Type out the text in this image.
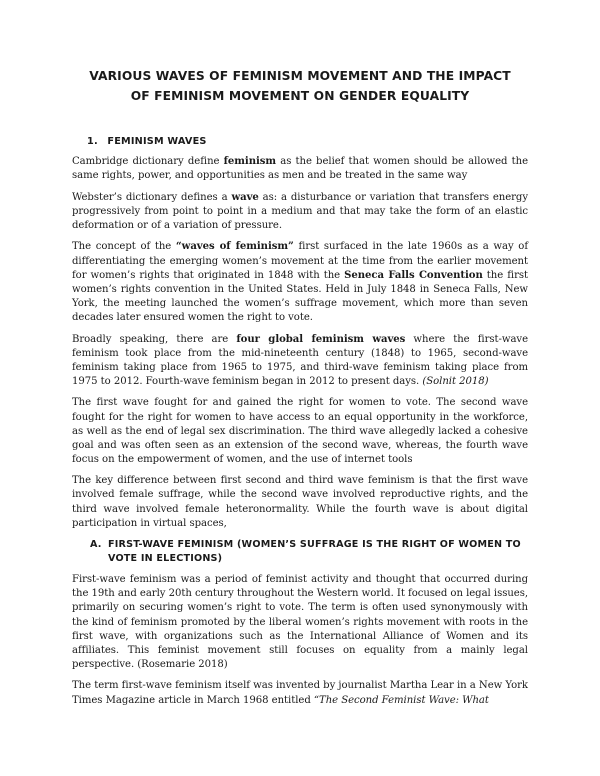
VARIOUS WAVES OF FEMINISM MOVEMENT AND THE IMPACT
OF FEMINISM MOVEMENT ON GENDER EQUALITY
1. FEMINISM WAVES

Cambridge dictionary define feminism as the belief that women should be allowed the same rights, power, and opportunities as men and be treated in the same way

Webster’s dictionary defines a wave as: a disturbance or variation that transfers energy progressively from point to point in a medium and that may take the form of an elastic deformation or of a variation of pressure.

The concept of the “waves of feminism” first surfaced in the late 1960s as a way of differentiating the emerging women’s movement at the time from the earlier movement for women’s rights that originated in 1848 with the Seneca Falls Convention the first women’s rights convention in the United States. Held in July 1848 in Seneca Falls, New York, the meeting launched the women’s suffrage movement, which more than seven decades later ensured women the right to vote.

Broadly speaking, there are four global feminism waves where the first-wave feminism took place from the mid-nineteenth century (1848) to 1965, second-wave feminism taking place from 1965 to 1975, and third-wave feminism taking place from 1975 to 2012. Fourth-wave feminism began in 2012 to present days. (Solnit 2018)

The first wave fought for and gained the right for women to vote. The second wave fought for the right for women to have access to an equal opportunity in the workforce, as well as the end of legal sex discrimination. The third wave allegedly lacked a cohesive goal and was often seen as an extension of the second wave, whereas, the fourth wave focus on the empowerment of women, and the use of internet tools

The key difference between first second and third wave feminism is that the first wave involved female suffrage, while the second wave involved reproductive rights, and the third wave involved female heteronormality. While the fourth wave is about digital participation in virtual spaces,

A. FIRST-WAVE FEMINISM (WOMEN’S SUFFRAGE IS THE RIGHT OF WOMEN TO VOTE IN ELECTIONS)

First-wave feminism was a period of feminist activity and thought that occurred during the 19th and early 20th century throughout the Western world. It focused on legal issues, primarily on securing women’s right to vote. The term is often used synonymously with the kind of feminism promoted by the liberal women’s rights movement with roots in the first wave, with organizations such as the International Alliance of Women and its affiliates. This feminist movement still focuses on equality from a mainly legal perspective. (Rosemarie 2018)

The term first-wave feminism itself was invented by journalist Martha Lear in a New York Times Magazine article in March 1968 entitled “The Second Feminist Wave: What
